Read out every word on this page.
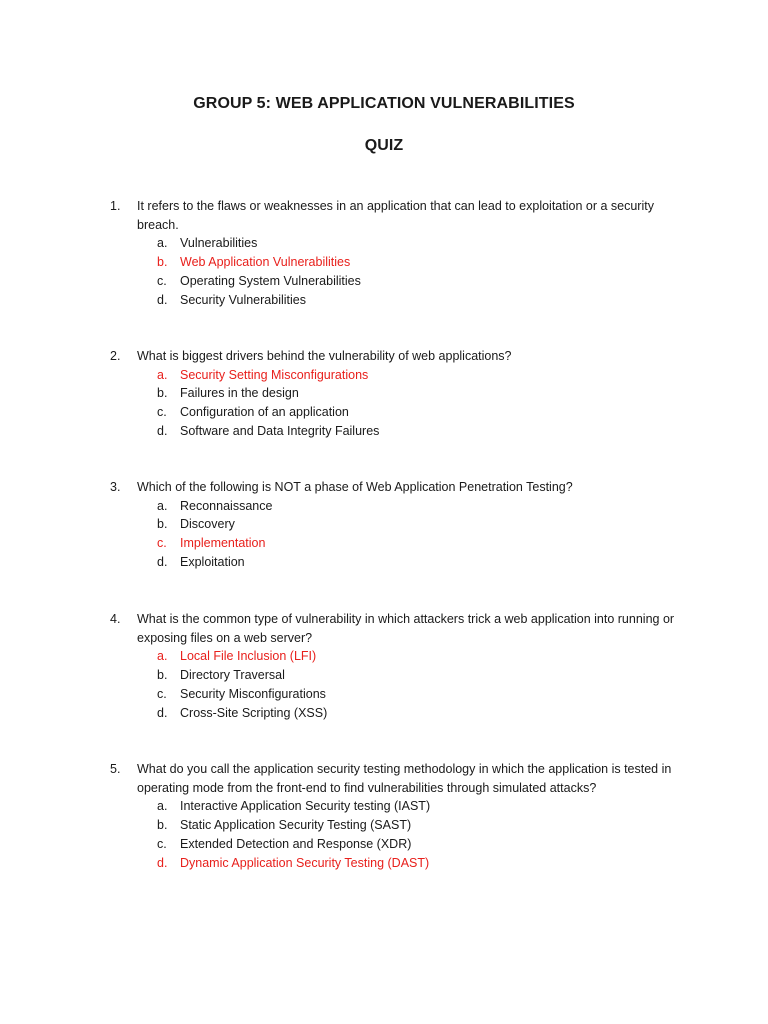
GROUP 5: WEB APPLICATION VULNERABILITIES
QUIZ
1.	It refers to the flaws or weaknesses in an application that can lead to exploitation or a security breach.
a.	Vulnerabilities
b.	Web Application Vulnerabilities
c.	Operating System Vulnerabilities
d.	Security Vulnerabilities
2.	What is biggest drivers behind the vulnerability of web applications?
a.	Security Setting Misconfigurations
b.	Failures in the design
c.	Configuration of an application
d.	Software and Data Integrity Failures
3.	Which of the following is NOT a phase of Web Application Penetration Testing?
a.	Reconnaissance
b.	Discovery
c.	Implementation
d.	Exploitation
4.	What is the common type of vulnerability in which attackers trick a web application into running or exposing files on a web server?
a.	Local File Inclusion (LFI)
b.	Directory Traversal
c.	Security Misconfigurations
d.	Cross-Site Scripting (XSS)
5.	What do you call the application security testing methodology in which the application is tested in operating mode from the front-end to find vulnerabilities through simulated attacks?
a.	Interactive Application Security testing (IAST)
b.	Static Application Security Testing (SAST)
c.	Extended Detection and Response (XDR)
d.	Dynamic Application Security Testing (DAST)
